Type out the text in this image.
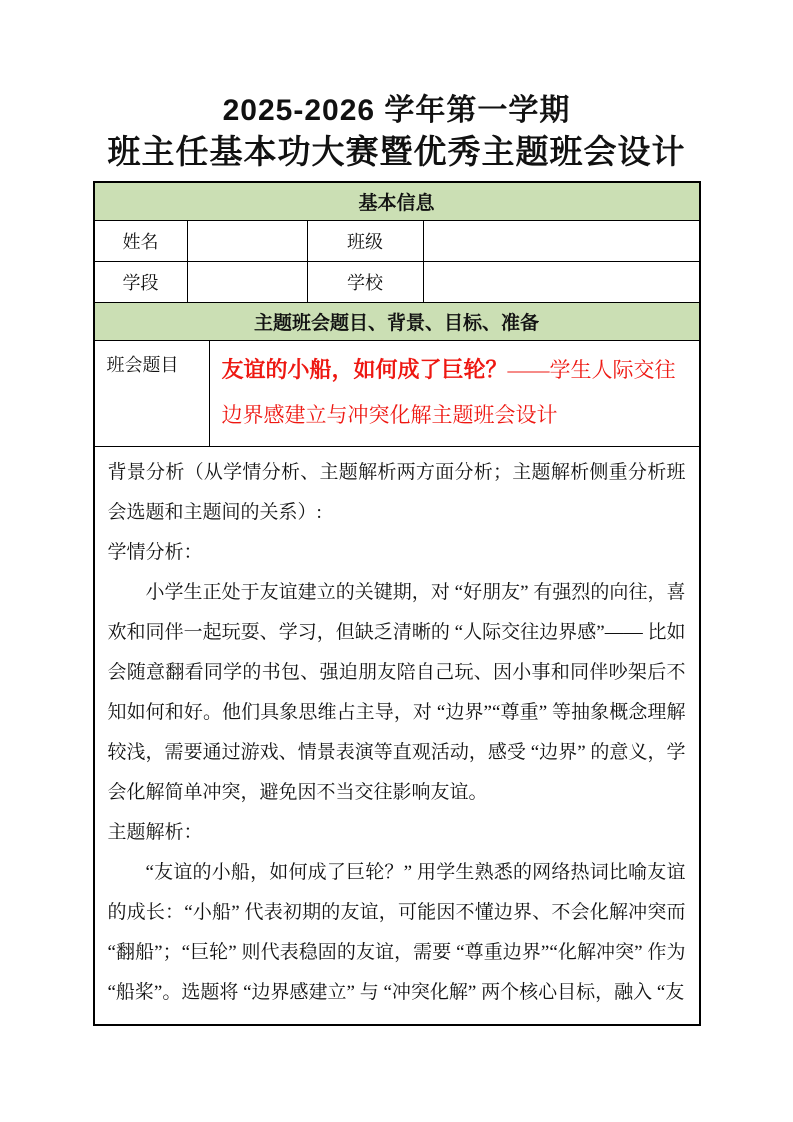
2025-2026 学年第一学期
班主任基本功大赛暨优秀主题班会设计
基本信息
姓名	班级
学段	学校
主题班会题目、背景、目标、准备
班会题目	友谊的小船，如何成了巨轮？——学生人际交往边界感建立与冲突化解主题班会设计

背景分析（从学情分析、主题解析两方面分析；主题解析侧重分析班会选题和主题间的关系）:

学情分析：

小学生正处于友谊建立的关键期，对 “好朋友” 有强烈的向往，喜欢和同伴一起玩耍、学习，但缺乏清晰的 “人际交往边界感”—— 比如会随意翻看同学的书包、强迫朋友陪自己玩、因小事和同伴吵架后不知如何和好。他们具象思维占主导，对 “边界”“尊重” 等抽象概念理解较浅，需要通过游戏、情景表演等直观活动，感受 “边界” 的意义，学会化解简单冲突，避免因不当交往影响友谊。

主题解析：

“友谊的小船，如何成了巨轮？” 用学生熟悉的网络热词比喻友谊的成长：“小船” 代表初期的友谊，可能因不懂边界、不会化解冲突而 “翻船”；“巨轮” 则代表稳固的友谊，需要 “尊重边界”“化解冲突” 作为 “船桨”。选题将 “边界感建立” 与 “冲突化解” 两个核心目标，融入 “友
